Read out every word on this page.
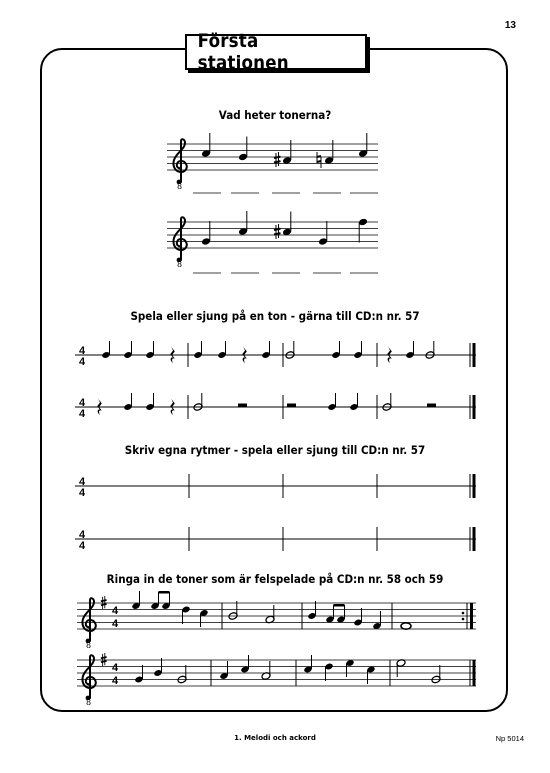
13
Första stationen
Vad heter tonerna?
Spela eller sjung på en ton - gärna till CD:n nr. 57
Skriv egna rytmer - spela eller sjung till CD:n nr. 57
Ringa in de toner som är felspelade på CD:n nr. 58 och 59
8
8
4
4
4
4
4
4
4
4
8
4
4
8
4
4
1. Melodi och ackord	Np 5014
